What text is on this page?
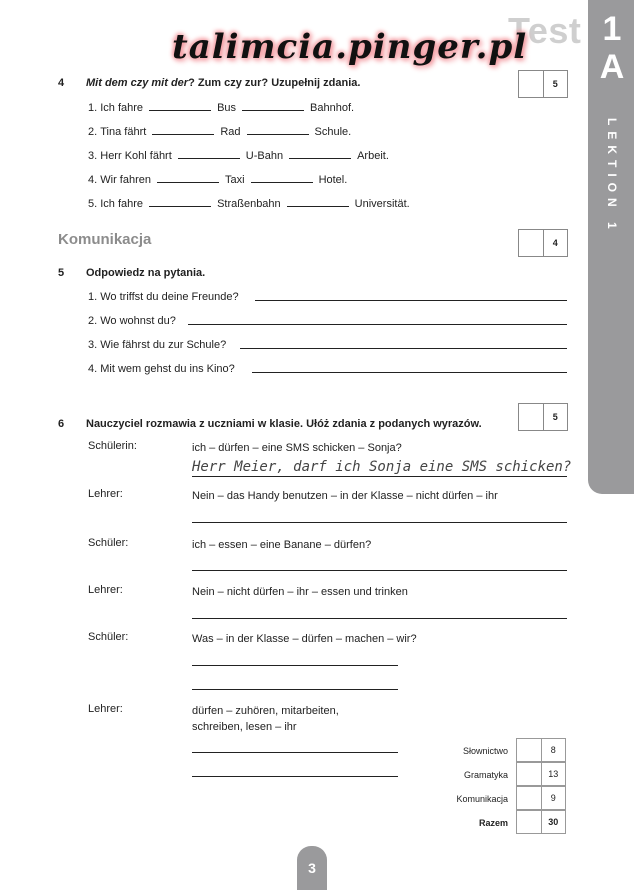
Test 1
A
LEKTION 1
talimcia.pinger.pl
4 Mit dem czy mit der? Zum czy zur? Uzupełnij zdania.	5
1.
Ich fahre	Bus	Bahnhof.
2.
Tina fährt	Rad	Schule.
3.
Herr Kohl fährt	U-Bahn	Arbeit.
4.
Wir fahren	Taxi	Hotel.
5.
Ich fahre	Straßenbahn	Universität.
Komunikacja	4
5 Odpowiedz na pytania.
1.
Wo triffst du deine Freunde?
2.
Wo wohnst du?
3.
Wie fährst du zur Schule?
4.
Mit wem gehst du ins Kino?
6 Nauczyciel rozmawia z uczniami w klasie. Ułóż zdania z podanych wyrazów.
5
Schülerin:	ich – dürfen – eine SMS schicken – Sonja?
Herr Meier, darf ich Sonja eine SMS schicken?
Lehrer:	Nein – das Handy benutzen – in der Klasse – nicht dürfen – ihr
Schüler:	ich – essen – eine Banane – dürfen?
Lehrer:	Nein – nicht dürfen – ihr – essen und trinken
Schüler:	Was – in der Klasse – dürfen – machen – wir?
Lehrer:	dürfen – zuhören, mitarbeiten,
schreiben, lesen – ihr
Słownictwo	8
Gramatyka	13
Komunikacja	9
Razem	30
3
